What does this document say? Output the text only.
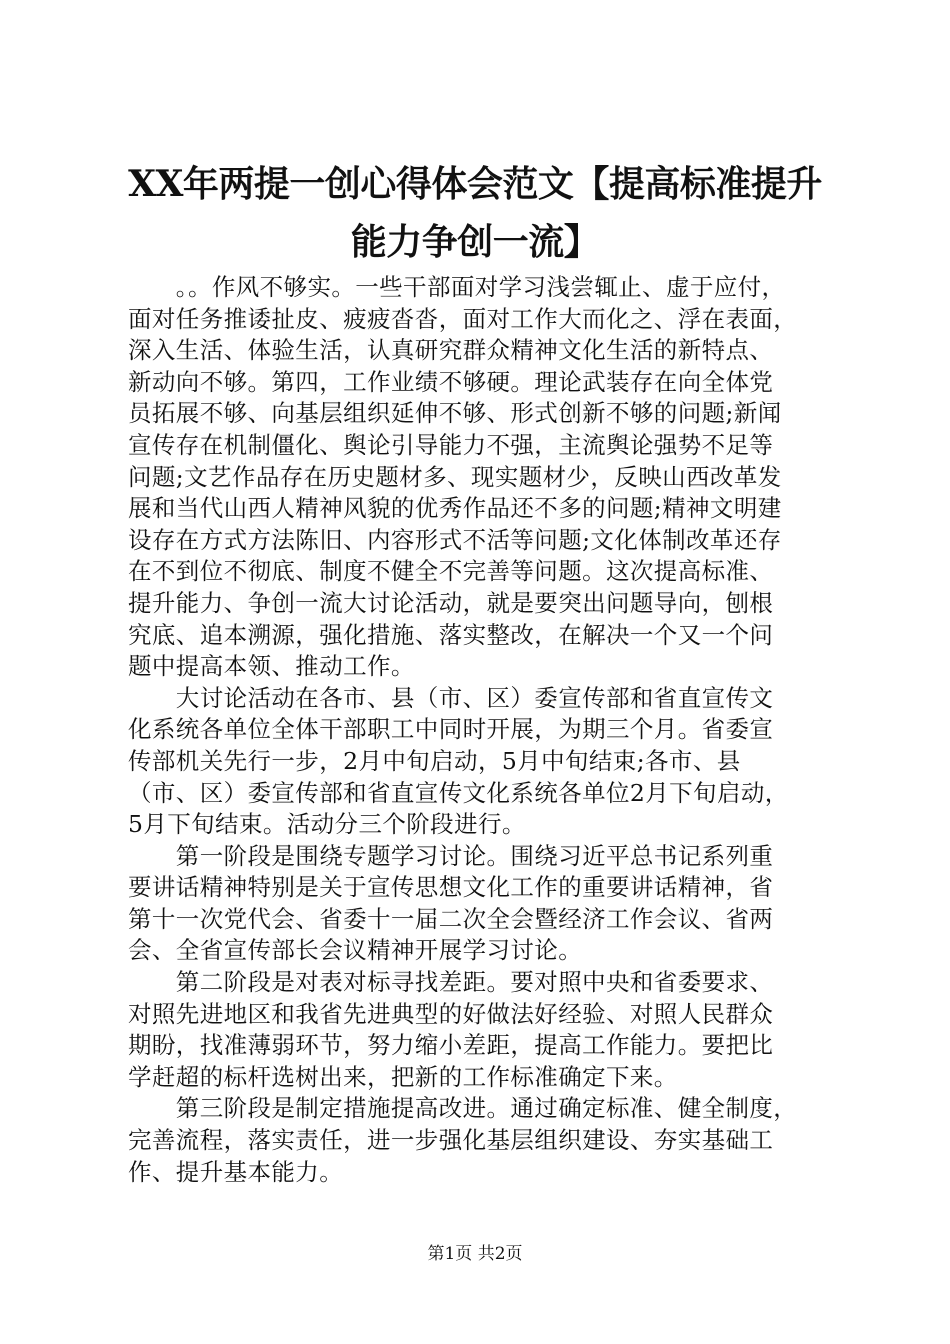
XX年两提一创心得体会范文【提高标准提升
能力争创一流】
　　。。作风不够实。一些干部面对学习浅尝辄止、虚于应付，
面对任务推诿扯皮、疲疲沓沓，面对工作大而化之、浮在表面，
深入生活、体验生活，认真研究群众精神文化生活的新特点、
新动向不够。第四，工作业绩不够硬。理论武装存在向全体党
员拓展不够、向基层组织延伸不够、形式创新不够的问题;新闻
宣传存在机制僵化、舆论引导能力不强，主流舆论强势不足等
问题;文艺作品存在历史题材多、现实题材少，反映山西改革发
展和当代山西人精神风貌的优秀作品还不多的问题;精神文明建
设存在方式方法陈旧、内容形式不活等问题;文化体制改革还存
在不到位不彻底、制度不健全不完善等问题。这次提高标准、
提升能力、争创一流大讨论活动，就是要突出问题导向，刨根
究底、追本溯源，强化措施、落实整改，在解决一个又一个问
题中提高本领、推动工作。
　　大讨论活动在各市、县（市、区）委宣传部和省直宣传文
化系统各单位全体干部职工中同时开展，为期三个月。省委宣
传部机关先行一步，2月中旬启动，5月中旬结束;各市、县
（市、区）委宣传部和省直宣传文化系统各单位2月下旬启动，
5月下旬结束。活动分三个阶段进行。
　　第一阶段是围绕专题学习讨论。围绕习近平总书记系列重
要讲话精神特别是关于宣传思想文化工作的重要讲话精神，省
第十一次党代会、省委十一届二次全会暨经济工作会议、省两
会、全省宣传部长会议精神开展学习讨论。
　　第二阶段是对表对标寻找差距。要对照中央和省委要求、
对照先进地区和我省先进典型的好做法好经验、对照人民群众
期盼，找准薄弱环节，努力缩小差距，提高工作能力。要把比
学赶超的标杆选树出来，把新的工作标准确定下来。
　　第三阶段是制定措施提高改进。通过确定标准、健全制度，
完善流程，落实责任，进一步强化基层组织建设、夯实基础工
作、提升基本能力。
第1页 共2页
